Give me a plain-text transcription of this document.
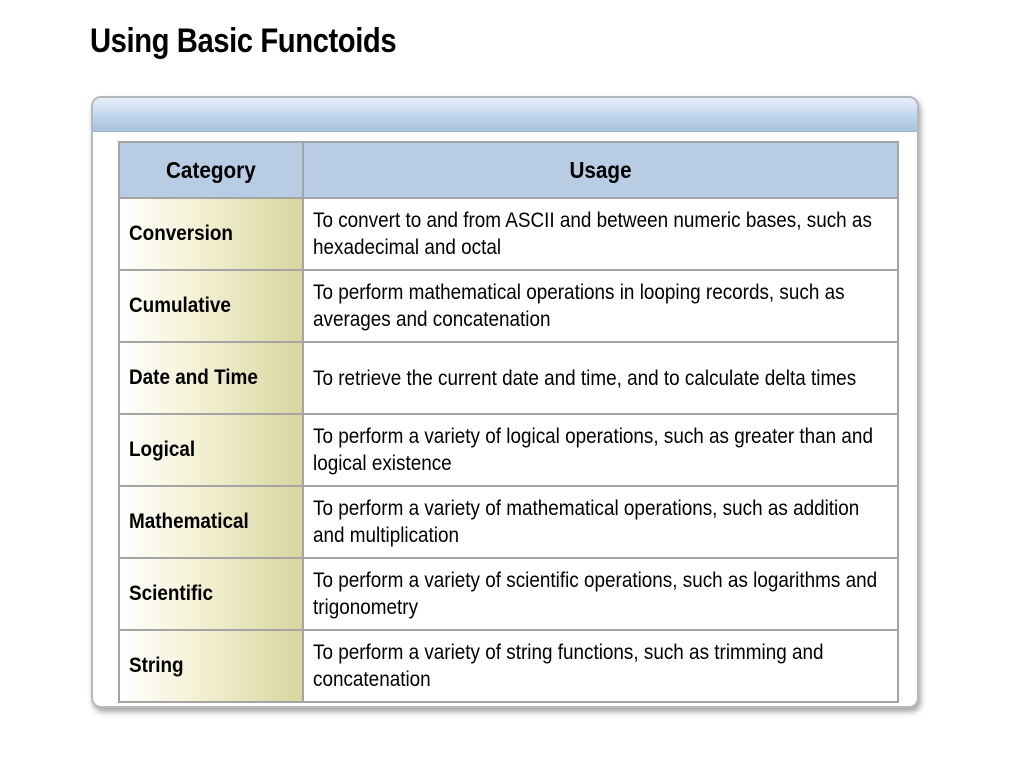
Using Basic Functoids
Category	Usage
Conversion	To convert to and from ASCII and between numeric bases, such as hexadecimal and octal

Cumulative	To perform mathematical operations in looping records, such as averages and concatenation

Date and Time	To retrieve the current date and time, and to calculate delta times

Logical	To perform a variety of logical operations, such as greater than and logical existence

Mathematical	To perform a variety of mathematical operations, such as addition and multiplication

Scientific	To perform a variety of scientific operations, such as logarithms and trigonometry

String	To perform a variety of string functions, such as trimming and concatenation
